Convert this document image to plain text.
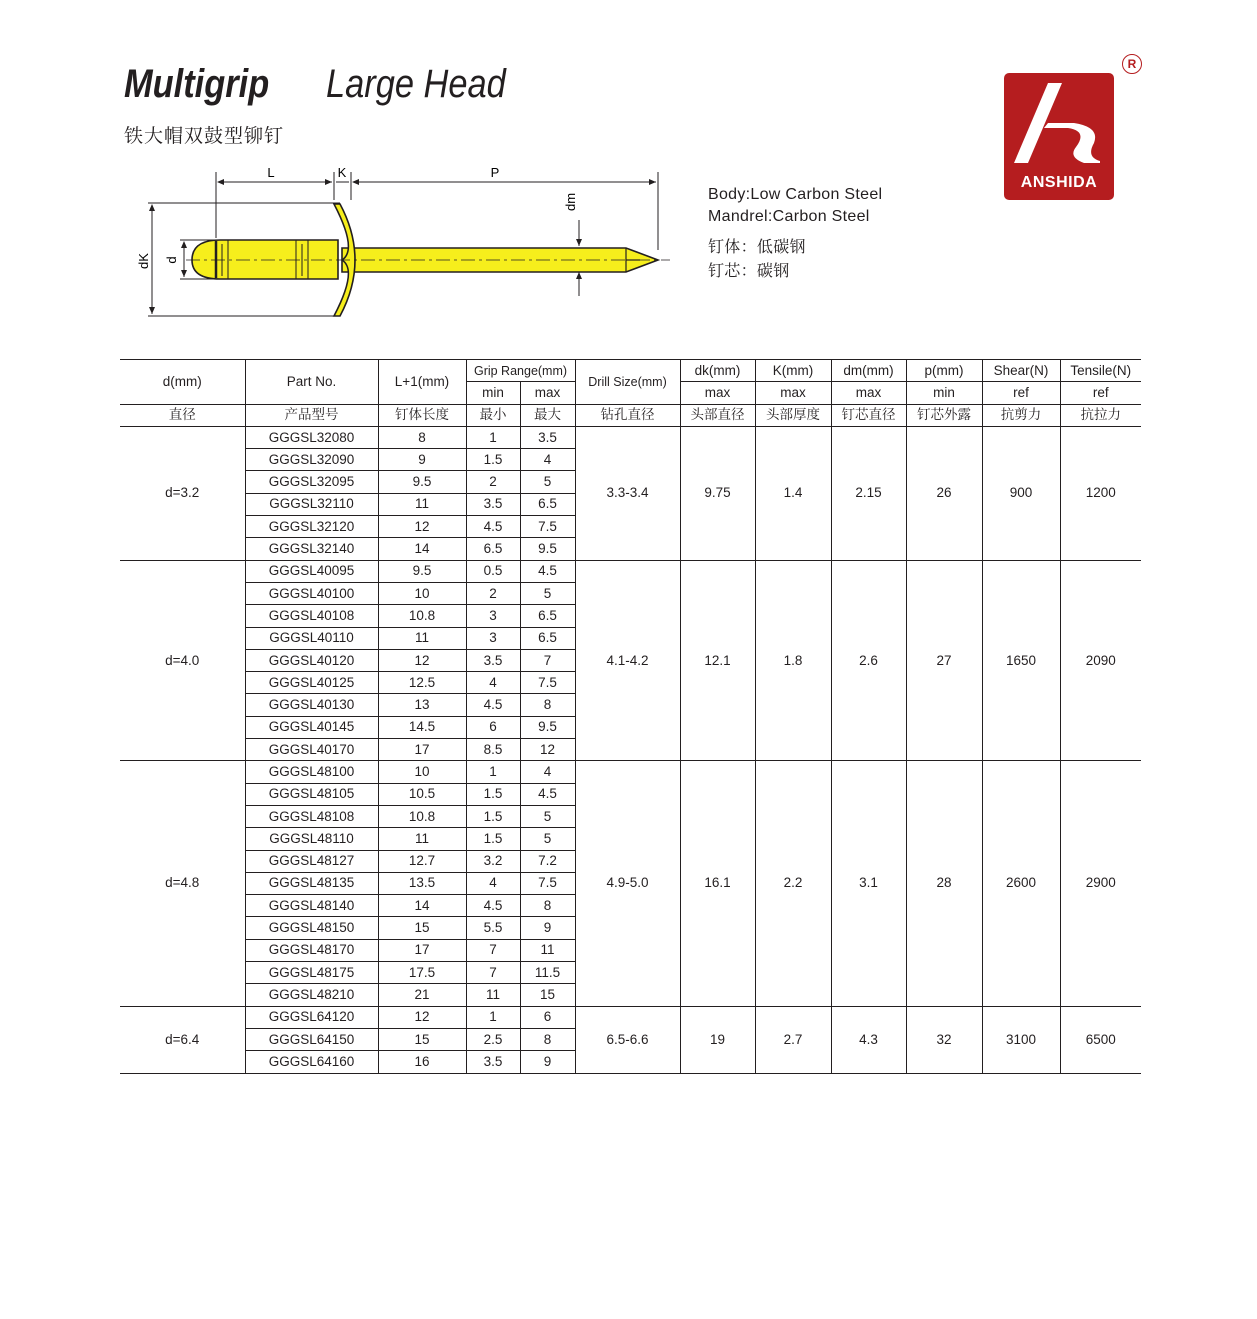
Multigrip Large Head
铁大帽双鼓型铆钉
L	K	P
dK d
dm	Body:Low Carbon Steel
Mandrel:Carbon Steel
钉体：低碳钢
钉芯：碳钢
R
ANSHIDA
d(mm)	Part No.	L+1(mm)	Grip Range(mm)		Drill Size(mm)	dk(mm)	K(mm)	dm(mm)	p(mm)	Shear(N)	Tensile(N)
			min	max		max	max	max	min	ref	ref
直径	产品型号	钉体长度	最小	最大	钻孔直径	头部直径	头部厚度	钉芯直径	钉芯外露	抗剪力	抗拉力
d=3.2	GGGSL32080	8	1	3.5	3.3-3.4	9.75	1.4	2.15	26	900	1200
	GGGSL32090	9	1.5	4							
	GGGSL32095	9.5	2	5							
	GGGSL32110	11	3.5	6.5							
	GGGSL32120	12	4.5	7.5							
	GGGSL32140	14	6.5	9.5							
d=4.0	GGGSL40095	9.5	0.5	4.5	4.1-4.2	12.1	1.8	2.6	27	1650	2090
	GGGSL40100	10	2	5							
	GGGSL40108	10.8	3	6.5							
	GGGSL40110	11	3	6.5							
	GGGSL40120	12	3.5	7							
	GGGSL40125	12.5	4	7.5							
	GGGSL40130	13	4.5	8							
	GGGSL40145	14.5	6	9.5							
	GGGSL40170	17	8.5	12							
d=4.8	GGGSL48100	10	1	4	4.9-5.0	16.1	2.2	3.1	28	2600	2900
	GGGSL48105	10.5	1.5	4.5							
	GGGSL48108	10.8	1.5	5							
	GGGSL48110	11	1.5	5							
	GGGSL48127	12.7	3.2	7.2							
	GGGSL48135	13.5	4	7.5							
	GGGSL48140	14	4.5	8							
	GGGSL48150	15	5.5	9							
	GGGSL48170	17	7	11							
	GGGSL48175	17.5	7	11.5							
	GGGSL48210	21	11	15							
d=6.4	GGGSL64120	12	1	6	6.5-6.6	19	2.7	4.3	32	3100	6500
	GGGSL64150	15	2.5	8							
	GGGSL64160	16	3.5	9							
